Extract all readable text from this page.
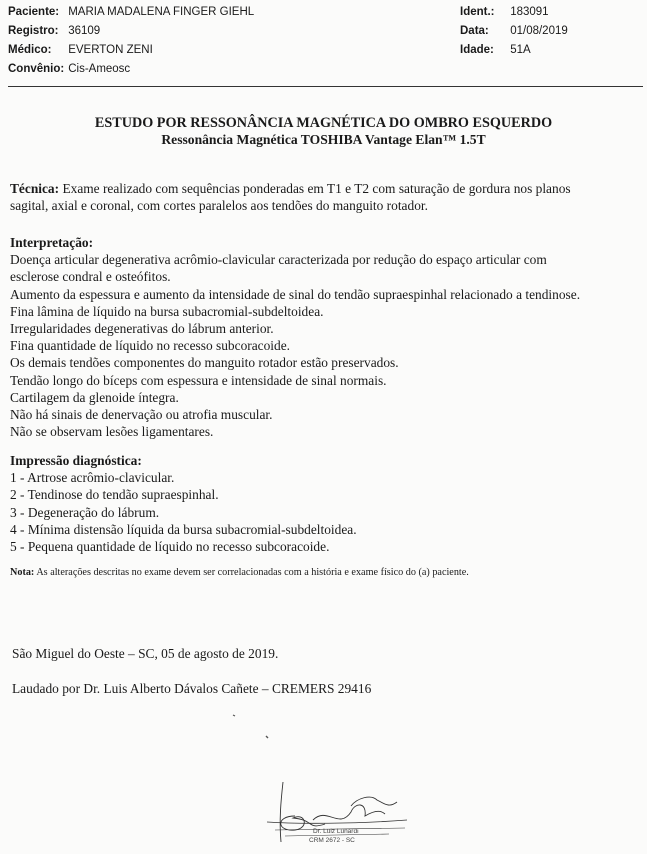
Paciente: MARIA MADALENA FINGER GIEHL
Registro: 36109
Médico: EVERTON ZENI
Convênio: Cis-Ameosc
Ident.: 183091
Data: 01/08/2019
Idade: 51A
ESTUDO POR RESSONÂNCIA MAGNÉTICA DO OMBRO ESQUERDO
Ressonância Magnética TOSHIBA Vantage Elan™ 1.5T
Técnica: Exame realizado com sequências ponderadas em T1 e T2 com saturação de gordura nos planos
sagital, axial e coronal, com cortes paralelos aos tendões do manguito rotador.
Interpretação:
Doença articular degenerativa acrômio-clavicular caracterizada por redução do espaço articular com
esclerose condral e osteófitos.
Aumento da espessura e aumento da intensidade de sinal do tendão supraespinhal relacionado a tendinose.
Fina lâmina de líquido na bursa subacromial-subdeltoidea.
Irregularidades degenerativas do lábrum anterior.
Fina quantidade de líquido no recesso subcoracoide.
Os demais tendões componentes do manguito rotador estão preservados.
Tendão longo do bíceps com espessura e intensidade de sinal normais.
Cartilagem da glenoide íntegra.
Não há sinais de denervação ou atrofia muscular.
Não se observam lesões ligamentares.
Impressão diagnóstica:
1 - Artrose acrômio-clavicular.
2 - Tendinose do tendão supraespinhal.
3 - Degeneração do lábrum.
4 - Mínima distensão líquida da bursa subacromial-subdeltoidea.
5 - Pequena quantidade de líquido no recesso subcoracoide.
Nota: As alterações descritas no exame devem ser correlacionadas com a história e exame físico do (a) paciente.
São Miguel do Oeste – SC, 05 de agosto de 2019.
Laudado por Dr. Luis Alberto Dávalos Cañete – CREMERS 29416
Dr. Luiz Lunardi
CRM 2672 - SC
